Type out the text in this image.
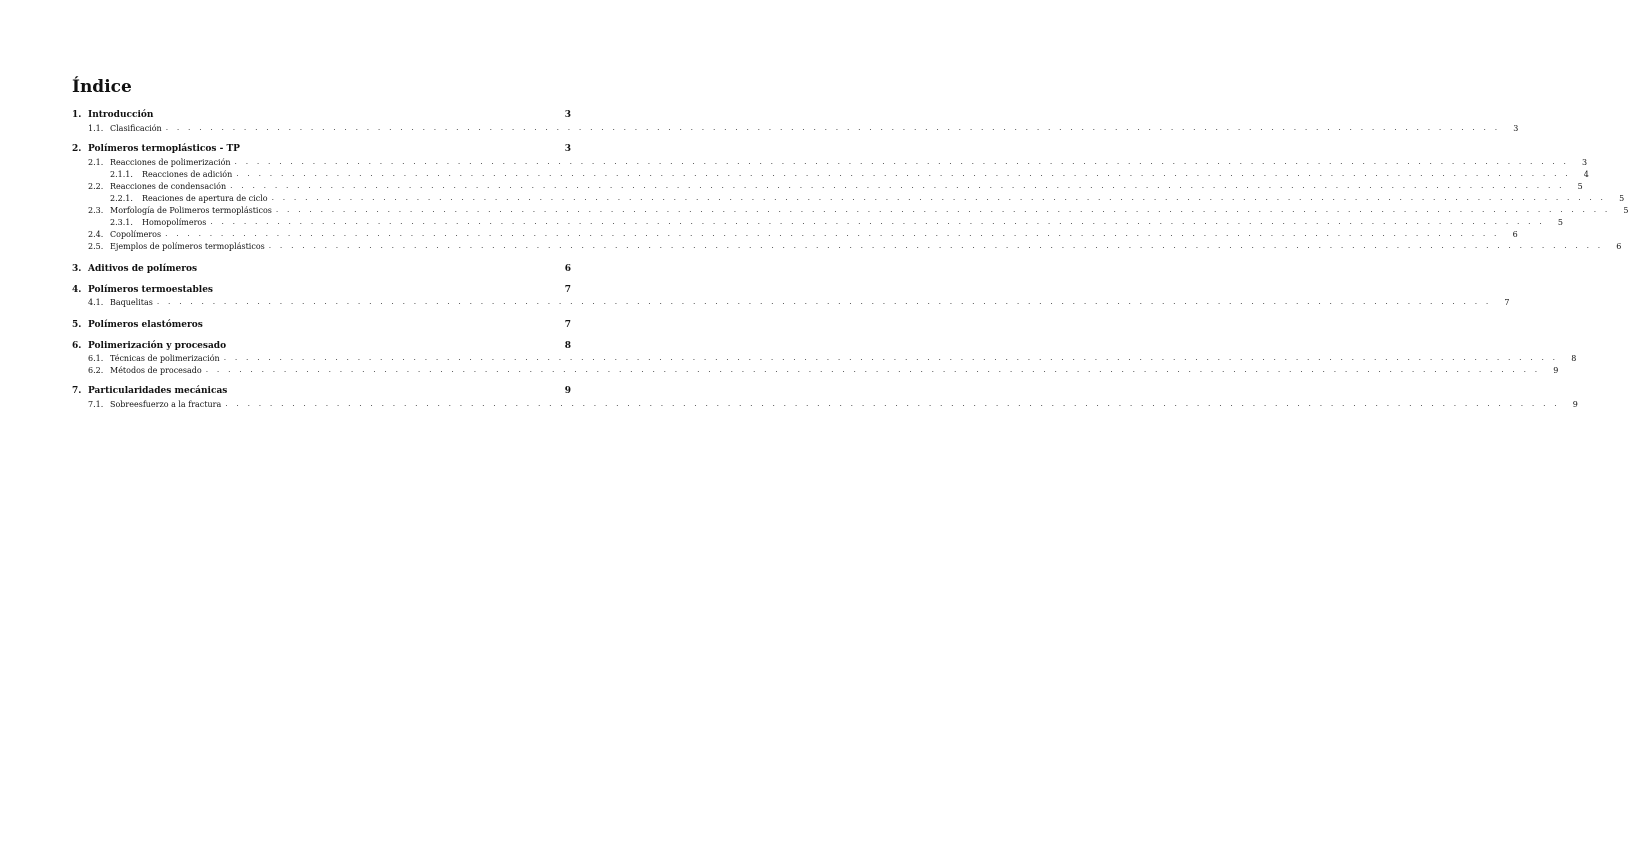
Índice
1. Introducción	3
1.1. Clasificación . . . . . . . . . . . . . . . . . . . . . . . . . . . . . . . . . . . . . . . . . . . . . . . . . . . . . . . . . . . . . . . . . . . . . . . . . . . . . . . . . . . . . . . . . . . . . . . . . . . . . . . . . . . . . . . . . . . . . . . .	3
2. Polímeros termoplásticos - TP	3
2.1. Reacciones de polimerización . . . . . . . . . . . . . . . . . . . . . . . . . . . . . . . . . . . . . . . . . . . . . . . . . . . . . . . . . . . . . . . . . . . . . . . . . . . . . . . . . . . . . . . . . . . . . . . . . . . . . . . . . . . . . . . . . . . . . . . .	3
2.1.1.	Reacciones de adición . . . . . . . . . . . . . . . . . . . . . . . . . . . . . . . . . . . . . . . . . . . . . . . . . . . . . . . . . . . . . . . . . . . . . . . . . . . . . . . . . . . . . . . . . . . . . . . . . . . . . . . . . . . . . . . . . . . . . . . .	4
2.2. Reacciones de condensación . . . . . . . . . . . . . . . . . . . . . . . . . . . . . . . . . . . . . . . . . . . . . . . . . . . . . . . . . . . . . . . . . . . . . . . . . . . . . . . . . . . . . . . . . . . . . . . . . . . . . . . . . . . . . . . . . . . . . . . .	5
2.2.1.	Reaciones de apertura de ciclo . . . . . . . . . . . . . . . . . . . . . . . . . . . . . . . . . . . . . . . . . . . . . . . . . . . . . . . . . . . . . . . . . . . . . . . . . . . . . . . . . . . . . . . . . . . . . . . . . . . . . . . . . . . . . . . . . . . . . . . .	5
2.3. Morfología de Polimeros termoplásticos . . . . . . . . . . . . . . . . . . . . . . . . . . . . . . . . . . . . . . . . . . . . . . . . . . . . . . . . . . . . . . . . . . . . . . . . . . . . . . . . . . . . . . . . . . . . . . . . . . . . . . . . . . . . . . . . . . . . . . . .	5
2.3.1.	Homopolímeros . . . . . . . . . . . . . . . . . . . . . . . . . . . . . . . . . . . . . . . . . . . . . . . . . . . . . . . . . . . . . . . . . . . . . . . . . . . . . . . . . . . . . . . . . . . . . . . . . . . . . . . . . . . . . . . . . . . . . . . .	5
2.4. Copolímeros . . . . . . . . . . . . . . . . . . . . . . . . . . . . . . . . . . . . . . . . . . . . . . . . . . . . . . . . . . . . . . . . . . . . . . . . . . . . . . . . . . . . . . . . . . . . . . . . . . . . . . . . . . . . . . . . . . . . . . . .	6
2.5. Ejemplos de polímeros termoplásticos . . . . . . . . . . . . . . . . . . . . . . . . . . . . . . . . . . . . . . . . . . . . . . . . . . . . . . . . . . . . . . . . . . . . . . . . . . . . . . . . . . . . . . . . . . . . . . . . . . . . . . . . . . . . . . . . . . . . . . . .	6
3. Aditivos de polímeros	6
4. Polímeros termoestables	7
4.1. Baquelitas . . . . . . . . . . . . . . . . . . . . . . . . . . . . . . . . . . . . . . . . . . . . . . . . . . . . . . . . . . . . . . . . . . . . . . . . . . . . . . . . . . . . . . . . . . . . . . . . . . . . . . . . . . . . . . . . . . . . . . . .	7
5. Polímeros elastómeros	7
6. Polimerización y procesado	8
6.1. Técnicas de polimerización . . . . . . . . . . . . . . . . . . . . . . . . . . . . . . . . . . . . . . . . . . . . . . . . . . . . . . . . . . . . . . . . . . . . . . . . . . . . . . . . . . . . . . . . . . . . . . . . . . . . . . . . . . . . . . . . . . . . . . . .	8
6.2. Métodos de procesado . . . . . . . . . . . . . . . . . . . . . . . . . . . . . . . . . . . . . . . . . . . . . . . . . . . . . . . . . . . . . . . . . . . . . . . . . . . . . . . . . . . . . . . . . . . . . . . . . . . . . . . . . . . . . . . . . . . . . . . .	9
7. Particularidades mecánicas	9
7.1. Sobreesfuerzo a la fractura . . . . . . . . . . . . . . . . . . . . . . . . . . . . . . . . . . . . . . . . . . . . . . . . . . . . . . . . . . . . . . . . . . . . . . . . . . . . . . . . . . . . . . . . . . . . . . . . . . . . . . . . . . . . . . . . . . . . . . . .	9
